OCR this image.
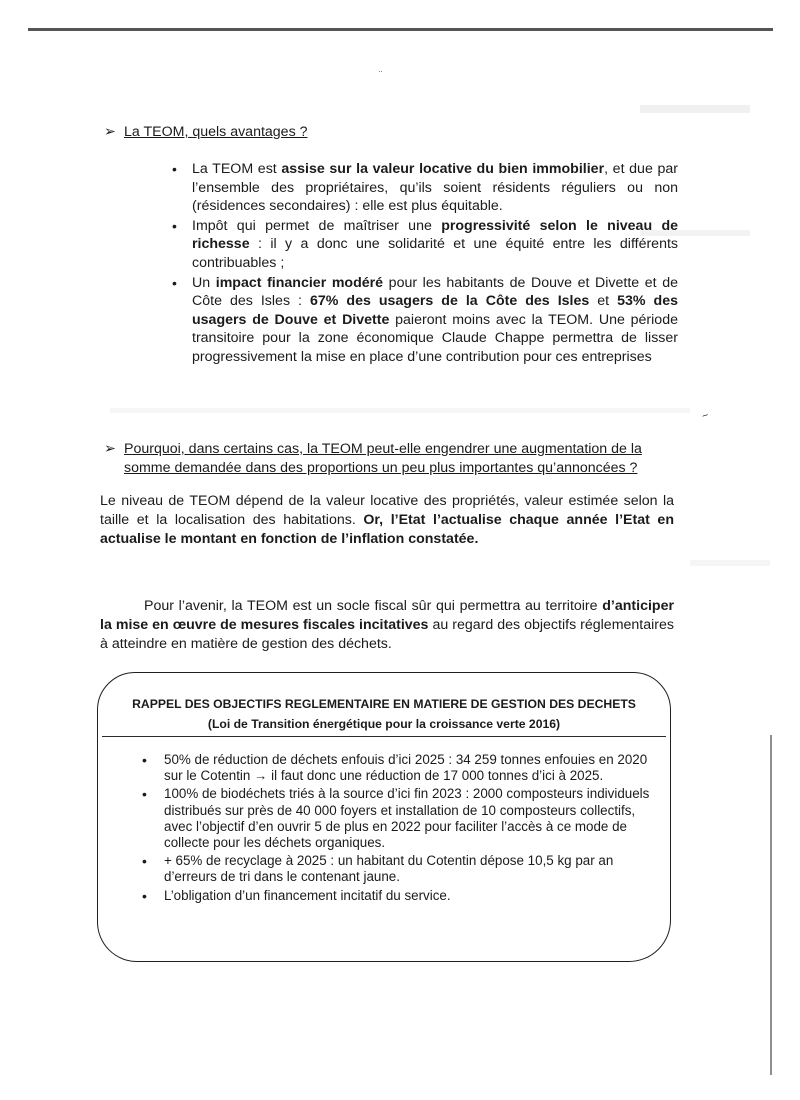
¨
➢ La TEOM, quels avantages ?
• La TEOM est assise sur la valeur locative du bien immobilier, et due par l’ensemble des propriétaires, qu’ils soient résidents réguliers ou non (résidences secondaires) : elle est plus équitable.
• Impôt qui permet de maîtriser une progressivité selon le niveau de richesse : il y a donc une solidarité et une équité entre les différents contribuables ;
• Un impact financier modéré pour les habitants de Douve et Divette et de Côte des Isles : 67% des usagers de la Côte des Isles et 53% des usagers de Douve et Divette paieront moins avec la TEOM. Une période transitoire pour la zone économique Claude Chappe permettra de lisser progressivement la mise en place d’une contribution pour ces entreprises
~
➢ Pourquoi, dans certains cas, la TEOM peut-elle engendrer une augmentation de la somme demandée dans des proportions un peu plus importantes qu’annoncées ?

Le niveau de TEOM dépend de la valeur locative des propriétés, valeur estimée selon la taille et la localisation des habitations. Or, l’Etat l’actualise chaque année l’Etat en actualise le montant en fonction de l’inflation constatée.

Pour l’avenir, la TEOM est un socle fiscal sûr qui permettra au territoire d’anticiper la mise en œuvre de mesures fiscales incitatives au regard des objectifs réglementaires à atteindre en matière de gestion des déchets.

RAPPEL DES OBJECTIFS REGLEMENTAIRE EN MATIERE DE GESTION DES DECHETS
(Loi de Transition énergétique pour la croissance verte 2016)
• 50% de réduction de déchets enfouis d’ici 2025 : 34 259 tonnes enfouies en 2020 sur le Cotentin → il faut donc une réduction de 17 000 tonnes d’ici à 2025.
• 100% de biodéchets triés à la source d’ici fin 2023 : 2000 composteurs individuels distribués sur près de 40 000 foyers et installation de 10 composteurs collectifs, avec l’objectif d’en ouvrir 5 de plus en 2022 pour faciliter l’accès à ce mode de collecte pour les déchets organiques.
• + 65% de recyclage à 2025 : un habitant du Cotentin dépose 10,5 kg par an d’erreurs de tri dans le contenant jaune.
• L’obligation d’un financement incitatif du service.
